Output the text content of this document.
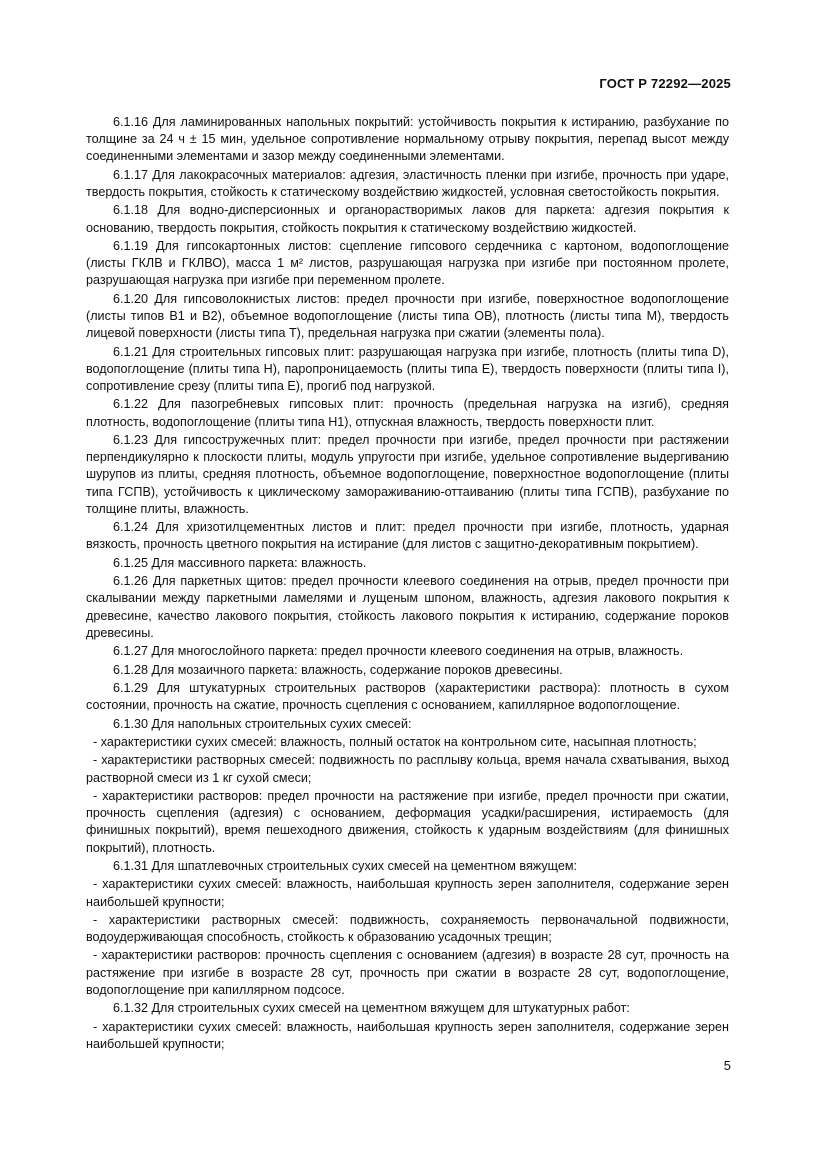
ГОСТ Р 72292—2025

6.1.16 Для ламинированных напольных покрытий: устойчивость покрытия к истиранию, разбухание по толщине за 24 ч ± 15 мин, удельное сопротивление нормальному отрыву покрытия, перепад высот между соединенными элементами и зазор между соединенными элементами.

6.1.17 Для лакокрасочных материалов: адгезия, эластичность пленки при изгибе, прочность при ударе, твердость покрытия, стойкость к статическому воздействию жидкостей, условная светостойкость покрытия.

6.1.18 Для водно-дисперсионных и органорастворимых лаков для паркета: адгезия покрытия к основанию, твердость покрытия, стойкость покрытия к статическому воздействию жидкостей.

6.1.19 Для гипсокартонных листов: сцепление гипсового сердечника с картоном, водопоглощение (листы ГКЛВ и ГКЛВО), масса 1 м² листов, разрушающая нагрузка при изгибе при постоянном пролете, разрушающая нагрузка при изгибе при переменном пролете.

6.1.20 Для гипсоволокнистых листов: предел прочности при изгибе, поверхностное водопоглощение (листы типов В1 и В2), объемное водопоглощение (листы типа ОВ), плотность (листы типа М), твердость лицевой поверхности (листы типа Т), предельная нагрузка при сжатии (элементы пола).

6.1.21 Для строительных гипсовых плит: разрушающая нагрузка при изгибе, плотность (плиты типа D), водопоглощение (плиты типа Н), паропроницаемость (плиты типа Е), твердость поверхности (плиты типа I), сопротивление срезу (плиты типа Е), прогиб под нагрузкой.

6.1.22 Для пазогребневых гипсовых плит: прочность (предельная нагрузка на изгиб), средняя плотность, водопоглощение (плиты типа Н1), отпускная влажность, твердость поверхности плит.

6.1.23 Для гипсостружечных плит: предел прочности при изгибе, предел прочности при растяжении перпендикулярно к плоскости плиты, модуль упругости при изгибе, удельное сопротивление выдергиванию шурупов из плиты, средняя плотность, объемное водопоглощение, поверхностное водопоглощение (плиты типа ГСПВ), устойчивость к циклическому замораживанию-оттаиванию (плиты типа ГСПВ), разбухание по толщине плиты, влажность.

6.1.24 Для хризотилцементных листов и плит: предел прочности при изгибе, плотность, ударная вязкость, прочность цветного покрытия на истирание (для листов с защитно-декоративным покрытием).

6.1.25 Для массивного паркета: влажность.

6.1.26 Для паркетных щитов: предел прочности клеевого соединения на отрыв, предел прочности при скалывании между паркетными ламелями и лущеным шпоном, влажность, адгезия лакового покрытия к древесине, качество лакового покрытия, стойкость лакового покрытия к истиранию, содержание пороков древесины.

6.1.27 Для многослойного паркета: предел прочности клеевого соединения на отрыв, влажность.

6.1.28 Для мозаичного паркета: влажность, содержание пороков древесины.

6.1.29 Для штукатурных строительных растворов (характеристики раствора): плотность в сухом состоянии, прочность на сжатие, прочность сцепления с основанием, капиллярное водопоглощение.

6.1.30 Для напольных строительных сухих смесей:

- характеристики сухих смесей: влажность, полный остаток на контрольном сите, насыпная плотность;

- характеристики растворных смесей: подвижность по расплыву кольца, время начала схватывания, выход растворной смеси из 1 кг сухой смеси;

- характеристики растворов: предел прочности на растяжение при изгибе, предел прочности при сжатии, прочность сцепления (адгезия) с основанием, деформация усадки/расширения, истираемость (для финишных покрытий), время пешеходного движения, стойкость к ударным воздействиям (для финишных покрытий), плотность.

6.1.31 Для шпатлевочных строительных сухих смесей на цементном вяжущем:

- характеристики сухих смесей: влажность, наибольшая крупность зерен заполнителя, содержание зерен наибольшей крупности;

- характеристики растворных смесей: подвижность, сохраняемость первоначальной подвижности, водоудерживающая способность, стойкость к образованию усадочных трещин;

- характеристики растворов: прочность сцепления с основанием (адгезия) в возрасте 28 сут, прочность на растяжение при изгибе в возрасте 28 сут, прочность при сжатии в возрасте 28 сут, водопоглощение, водопоглощение при капиллярном подсосе.

6.1.32 Для строительных сухих смесей на цементном вяжущем для штукатурных работ:

- характеристики сухих смесей: влажность, наибольшая крупность зерен заполнителя, содержание зерен наибольшей крупности;

5
